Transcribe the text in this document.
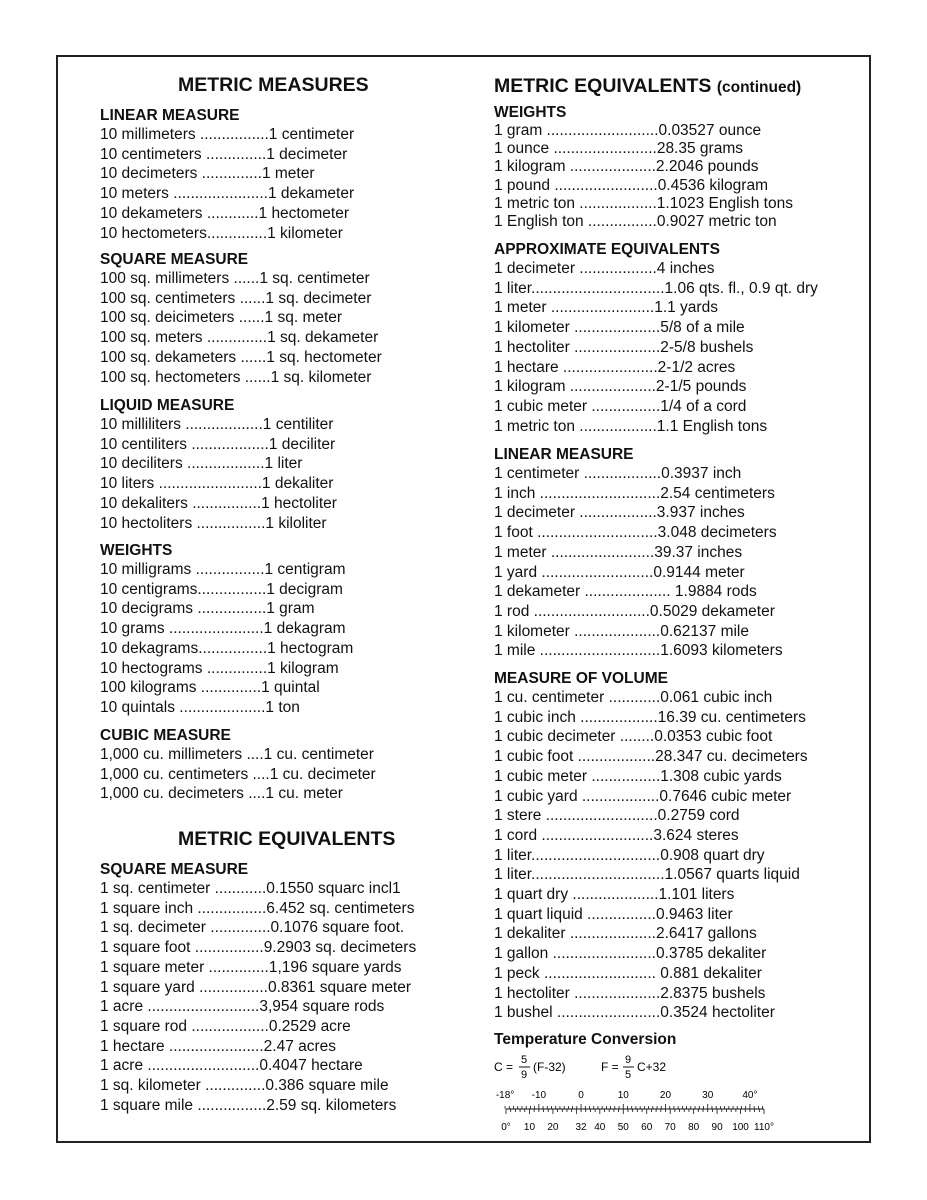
METRIC MEASURES
LINEAR MEASURE
10 millimeters ................1 centimeter
10 centimeters ..............1 decimeter
10 decimeters ..............1 meter
10 meters ......................1 dekameter
10 dekameters ............1 hectometer
10 hectometers..............1 kilometer
SQUARE MEASURE
100 sq. millimeters ......1 sq. centimeter
100 sq. centimeters ......1 sq. decimeter
100 sq. deicimeters ......1 sq. meter
100 sq. meters ..............1 sq. dekameter
100 sq. dekameters ......1 sq. hectometer
100 sq. hectometers ......1 sq. kilometer
LIQUID MEASURE
10 milliliters ..................1 centiliter
10 centiliters ..................1 deciliter
10 deciliters ..................1 liter
10 liters ........................1 dekaliter
10 dekaliters ................1 hectoliter
10 hectoliters ................1 kiloliter
WEIGHTS
10 milligrams ................1 centigram
10 centigrams................1 decigram
10 decigrams ................1 gram
10 grams ......................1 dekagram
10 dekagrams................1 hectogram
10 hectograms ..............1 kilogram
100 kilograms ..............1 quintal
10 quintals ....................1 ton
CUBIC MEASURE
1,000 cu. millimeters ....1 cu. centimeter
1,000 cu. centimeters ....1 cu. decimeter
1,000 cu. decimeters ....1 cu. meter
METRIC EQUIVALENTS
SQUARE MEASURE
1 sq. centimeter ............0.1550 squarc incl1
1 square inch ................6.452 sq. centimeters
1 sq. decimeter ..............0.1076 square foot.
1 square foot ................9.2903 sq. decimeters
1 square meter ..............1,196 square yards
1 square yard ................0.8361 square meter
1 acre ..........................3,954 square rods
1 square rod ..................0.2529 acre
1 hectare ......................2.47 acres
1 acre ..........................0.4047 hectare
1 sq. kilometer ..............0.386 square mile
1 square mile ................2.59 sq. kilometers
METRIC EQUIVALENTS (continued)
WEIGHTS
1 gram ..........................0.03527 ounce
1 ounce ........................28.35 grams
1 kilogram ....................2.2046 pounds
1 pound ........................0.4536 kilogram
1 metric ton ..................1.1023 English tons
1 English ton ................0.9027 metric ton
APPROXIMATE EQUIVALENTS
1 decimeter ..................4 inches
1 liter...............................1.06 qts. fl., 0.9 qt. dry
1 meter ........................1.1 yards
1 kilometer ....................5/8 of a mile
1 hectoliter ....................2-5/8 bushels
1 hectare ......................2-1/2 acres
1 kilogram ....................2-1/5 pounds
1 cubic meter ................1/4 of a cord
1 metric ton ..................1.1 English tons
LINEAR MEASURE
1 centimeter ..................0.3937 inch
1 inch ............................2.54 centimeters
1 decimeter ..................3.937 inches
1 foot ............................3.048 decimeters
1 meter ........................39.37 inches
1 yard ..........................0.9144 meter
1 dekameter .................... 1.9884 rods
1 rod ...........................0.5029 dekameter
1 kilometer ....................0.62137 mile
1 mile ............................1.6093 kilometers
MEASURE OF VOLUME
1 cu. centimeter ............0.061 cubic inch
1 cubic inch ..................16.39 cu. centimeters
1 cubic decimeter ........0.0353 cubic foot
1 cubic foot ..................28.347 cu. decimeters
1 cubic meter ................1.308 cubic yards
1 cubic yard ..................0.7646 cubic meter
1 stere ..........................0.2759 cord
1 cord ..........................3.624 steres
1 liter..............................0.908 quart dry
1 liter...............................1.0567 quarts liquid
1 quart dry ....................1.101 liters
1 quart liquid ................0.9463 liter
1 dekaliter ....................2.6417 gallons
1 gallon ........................0.3785 dekaliter
1 peck .......................... 0.881 dekaliter
1 hectoliter ....................2.8375 bushels
1 bushel ........................0.3524 hectoliter
Temperature Conversion
C = 5
9
(F-32)	F = 9
5
C+32
-18° -10	0	10	20	30	40°
0° 10 20 32 40 50 60 70 80 90 100 110°
